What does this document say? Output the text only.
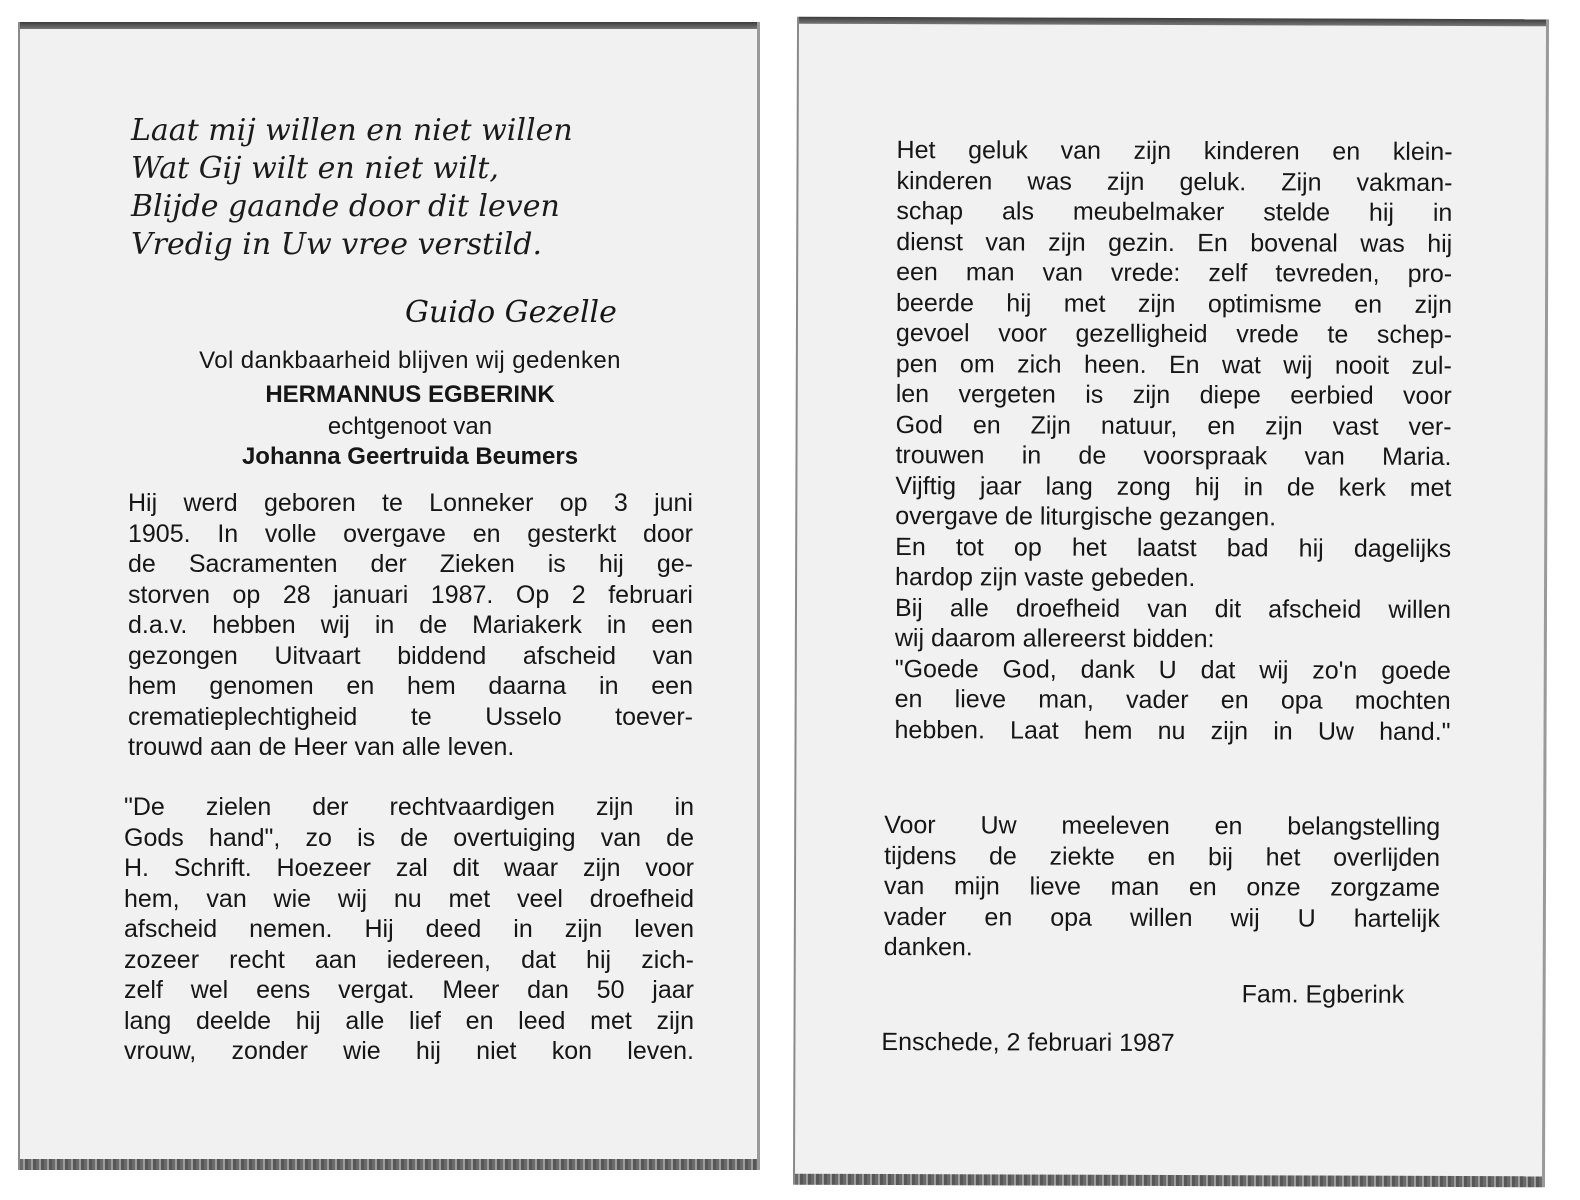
Laat mij willen en niet willen
Wat Gij wilt en niet wilt,
Blijde gaande door dit leven
Vredig in Uw vree verstild.
Guido Gezelle
Vol dankbaarheid blijven wij gedenken
HERMANNUS EGBERINK
echtgenoot van
Johanna Geertruida Beumers
Hij werd geboren te Lonneker op 3 juni
1905. In volle overgave en gesterkt door
de Sacramenten der Zieken is hij ge-
storven op 28 januari 1987. Op 2 februari
d.a.v. hebben wij in de Mariakerk in een
gezongen Uitvaart biddend afscheid van
hem genomen en hem daarna in een
crematieplechtigheid te Usselo toever-
trouwd aan de Heer van alle leven.
"De zielen der rechtvaardigen zijn in
Gods hand", zo is de overtuiging van de
H. Schrift. Hoezeer zal dit waar zijn voor
hem, van wie wij nu met veel droefheid
afscheid nemen. Hij deed in zijn leven
zozeer recht aan iedereen, dat hij zich-
zelf wel eens vergat. Meer dan 50 jaar
lang deelde hij alle lief en leed met zijn
vrouw, zonder wie hij niet kon leven.
Het geluk van zijn kinderen en klein-
kinderen was zijn geluk. Zijn vakman-
schap als meubelmaker stelde hij in
dienst van zijn gezin. En bovenal was hij
een man van vrede: zelf tevreden, pro-
beerde hij met zijn optimisme en zijn
gevoel voor gezelligheid vrede te schep-
pen om zich heen. En wat wij nooit zul-
len vergeten is zijn diepe eerbied voor
God en Zijn natuur, en zijn vast ver-
trouwen in de voorspraak van Maria.
Vijftig jaar lang zong hij in de kerk met
overgave de liturgische gezangen.
En tot op het laatst bad hij dagelijks
hardop zijn vaste gebeden.
Bij alle droefheid van dit afscheid willen
wij daarom allereerst bidden:
"Goede God, dank U dat wij zo'n goede
en lieve man, vader en opa mochten
hebben. Laat hem nu zijn in Uw hand."
Voor Uw meeleven en belangstelling
tijdens de ziekte en bij het overlijden
van mijn lieve man en onze zorgzame
vader en opa willen wij U hartelijk
danken.
Fam. Egberink
Enschede, 2 februari 1987
